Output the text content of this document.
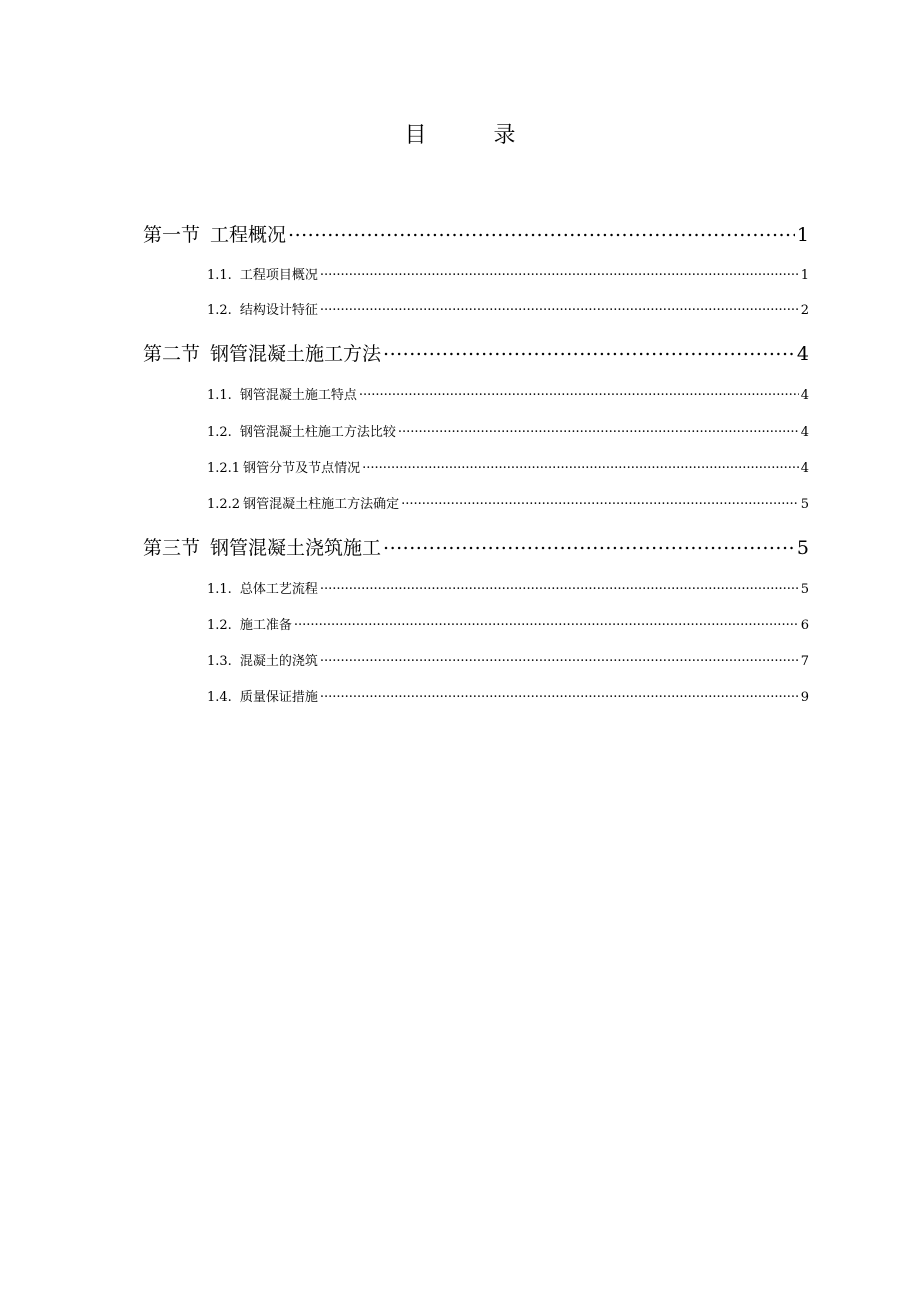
目 录
第一节 工程概况 .....	1
1.1. 工程项目概况 .....	1
1.2. 结构设计特征 .....	2
第二节 钢管混凝土施工方法 .....	4
1.1. 钢管混凝土施工特点 .....	4
1.2. 钢管混凝土柱施工方法比较 .....	4
1.2.1 钢管分节及节点情况 .....	4
1.2.2 钢管混凝土柱施工方法确定 .....	5
第三节 钢管混凝土浇筑施工 .....	5
1.1. 总体工艺流程 .....	5
1.2. 施工准备 .....	6
1.3. 混凝土的浇筑 .....	7
1.4. 质量保证措施 .....	9
